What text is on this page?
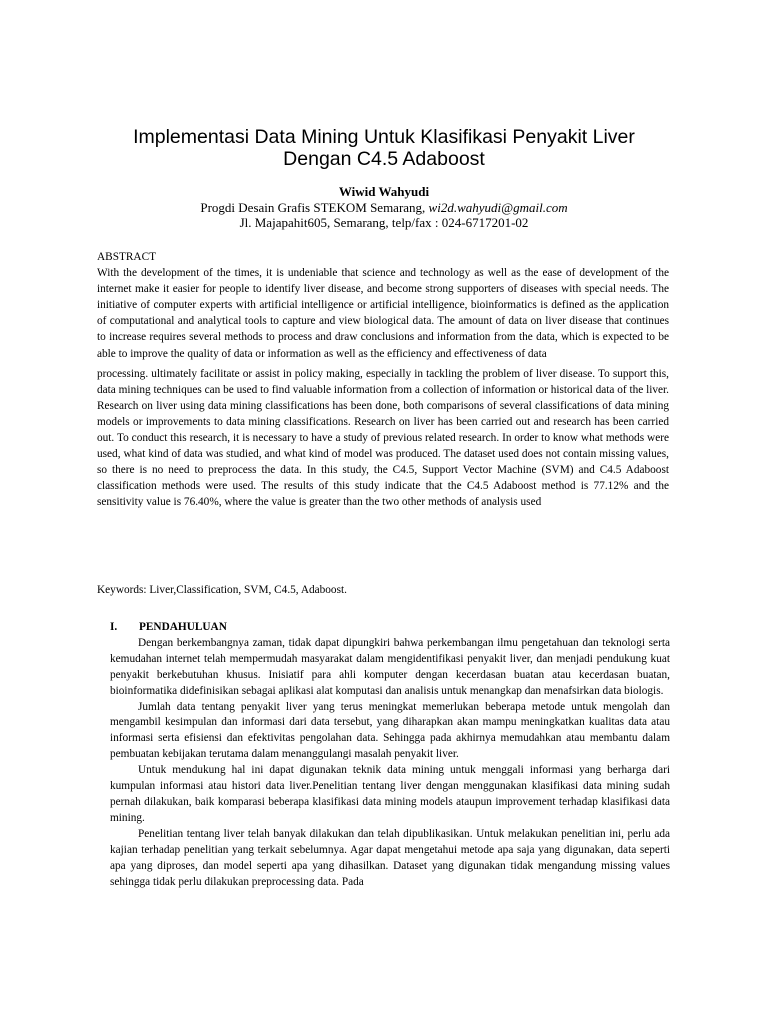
Implementasi Data Mining Untuk Klasifikasi Penyakit Liver
Dengan C4.5 Adaboost
Wiwid Wahyudi
Progdi Desain Grafis STEKOM Semarang, wi2d.wahyudi@gmail.com
Jl. Majapahit605, Semarang, telp/fax : 024-6717201-02

ABSTRACT

With the development of the times, it is undeniable that science and technology as well as the ease of development of the internet make it easier for people to identify liver disease, and become strong supporters of diseases with special needs. The initiative of computer experts with artificial intelligence or artificial intelligence, bioinformatics is defined as the application of computational and analytical tools to capture and view biological data. The amount of data on liver disease that continues to increase requires several methods to process and draw conclusions and information from the data, which is expected to be able to improve the quality of data or information as well as the efficiency and effectiveness of data

processing. ultimately facilitate or assist in policy making, especially in tackling the problem of liver disease. To support this, data mining techniques can be used to find valuable information from a collection of information or historical data of the liver. Research on liver using data mining classifications has been done, both comparisons of several classifications of data mining models or improvements to data mining classifications. Research on liver has been carried out and research has been carried out. To conduct this research, it is necessary to have a study of previous related research. In order to know what methods were used, what kind of data was studied, and what kind of model was produced. The dataset used does not contain missing values, so there is no need to preprocess the data. In this study, the C4.5, Support Vector Machine (SVM) and C4.5 Adaboost classification methods were used. The results of this study indicate that the C4.5 Adaboost method is 77.12% and the sensitivity value is 76.40%, where the value is greater than the two other methods of analysis used

Keywords: Liver,Classification, SVM, C4.5, Adaboost.
I.	PENDAHULUAN

Dengan berkembangnya zaman, tidak dapat dipungkiri bahwa perkembangan ilmu pengetahuan dan teknologi serta kemudahan internet telah mempermudah masyarakat dalam mengidentifikasi penyakit liver, dan menjadi pendukung kuat penyakit berkebutuhan khusus. Inisiatif para ahli komputer dengan kecerdasan buatan atau kecerdasan buatan, bioinformatika didefinisikan sebagai aplikasi alat komputasi dan analisis untuk menangkap dan menafsirkan data biologis.

Jumlah data tentang penyakit liver yang terus meningkat memerlukan beberapa metode untuk mengolah dan mengambil kesimpulan dan informasi dari data tersebut, yang diharapkan akan mampu meningkatkan kualitas data atau informasi serta efisiensi dan efektivitas pengolahan data. Sehingga pada akhirnya memudahkan atau membantu dalam pembuatan kebijakan terutama dalam menanggulangi masalah penyakit liver.

Untuk mendukung hal ini dapat digunakan teknik data mining untuk menggali informasi yang berharga dari kumpulan informasi atau histori data liver.Penelitian tentang liver dengan menggunakan klasifikasi data mining sudah pernah dilakukan, baik komparasi beberapa klasifikasi data mining models ataupun improvement terhadap klasifikasi data mining.

Penelitian tentang liver telah banyak dilakukan dan telah dipublikasikan. Untuk melakukan penelitian ini, perlu ada kajian terhadap penelitian yang terkait sebelumnya. Agar dapat mengetahui metode apa saja yang digunakan, data seperti apa yang diproses, dan model seperti apa yang dihasilkan. Dataset yang digunakan tidak mengandung missing values sehingga tidak perlu dilakukan preprocessing data. Pada
